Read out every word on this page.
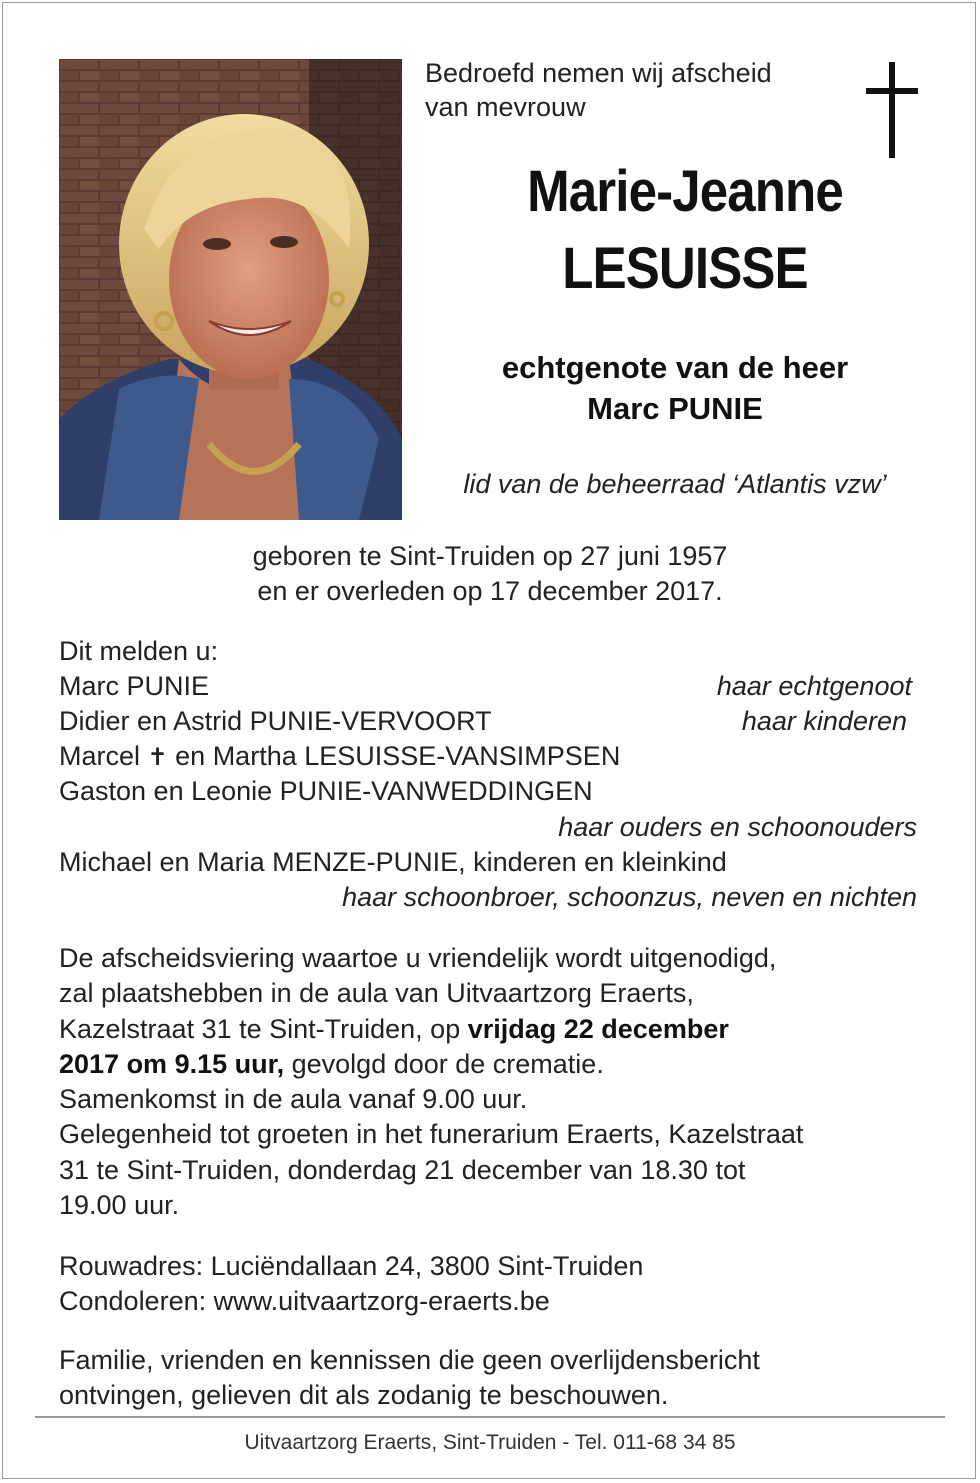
Bedroefd nemen wij afscheid
van mevrouw
Marie-Jeanne
LESUISSE
echtgenote van de heer
Marc PUNIE
lid van de beheerraad ‘Atlantis vzw’
geboren te Sint-Truiden op 27 juni 1957
en er overleden op 17 december 2017.
Dit melden u:
Marc PUNIE	haar echtgenoot
Didier en Astrid PUNIE-VERVOORT	haar kinderen
Marcel ✝ en Martha LESUISSE-VANSIMPSEN
Gaston en Leonie PUNIE-VANWEDDINGEN
haar ouders en schoonouders
Michael en Maria MENZE-PUNIE, kinderen en kleinkind
haar schoonbroer, schoonzus, neven en nichten
De afscheidsviering waartoe u vriendelijk wordt uitgenodigd,
zal plaatshebben in de aula van Uitvaartzorg Eraerts,
Kazelstraat 31 te Sint-Truiden, op vrijdag 22 december
2017 om 9.15 uur, gevolgd door de crematie.
Samenkomst in de aula vanaf 9.00 uur.
Gelegenheid tot groeten in het funerarium Eraerts, Kazelstraat
31 te Sint-Truiden, donderdag 21 december van 18.30 tot
19.00 uur.
Rouwadres: Luciëndallaan 24, 3800 Sint-Truiden
Condoleren: www.uitvaartzorg-eraerts.be
Familie, vrienden en kennissen die geen overlijdensbericht
ontvingen, gelieven dit als zodanig te beschouwen.
Uitvaartzorg Eraerts, Sint-Truiden - Tel. 011-68 34 85
